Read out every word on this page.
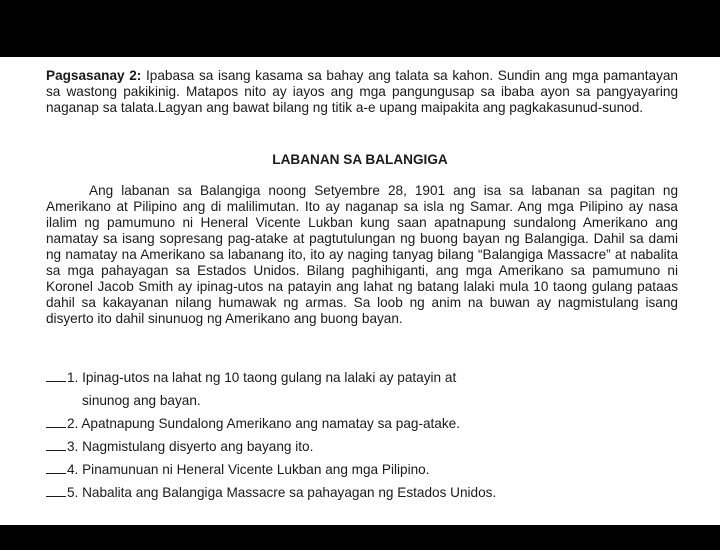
Pagsasanay 2: Ipabasa sa isang kasama sa bahay ang talata sa kahon. Sundin ang mga pamantayan sa wastong pakikinig. Matapos nito ay iayos ang mga pangungusap sa ibaba ayon sa pangyayaring naganap sa talata.Lagyan ang bawat bilang ng titik a-e upang maipakita ang pagkakasunud-sunod.
LABANAN SA BALANGIGA
Ang labanan sa Balangiga noong Setyembre 28, 1901 ang isa sa labanan sa pagitan ng Amerikano at Pilipino ang di malilimutan. Ito ay naganap sa isla ng Samar. Ang mga Pilipino ay nasa ilalim ng pamumuno ni Heneral Vicente Lukban kung saan apatnapung sundalong Amerikano ang namatay sa isang sopresang pag-atake at pagtutulungan ng buong bayan ng Balangiga. Dahil sa dami ng namatay na Amerikano sa labanang ito, ito ay naging tanyag bilang “Balangiga Massacre” at nabalita sa mga pahayagan sa Estados Unidos. Bilang paghihiganti, ang mga Amerikano sa pamumuno ni Koronel Jacob Smith ay ipinag-utos na patayin ang lahat ng batang lalaki mula 10 taong gulang pataas dahil sa kakayanan nilang humawak ng armas. Sa loob ng anim na buwan ay nagmistulang isang disyerto ito dahil sinunuog ng Amerikano ang buong bayan.
1. Ipinag-utos na lahat ng 10 taong gulang na lalaki ay patayin at
sinunog ang bayan.
2. Apatnapung Sundalong Amerikano ang namatay sa pag-atake.
3. Nagmistulang disyerto ang bayang ito.
4. Pinamunuan ni Heneral Vicente Lukban ang mga Pilipino.
5. Nabalita ang Balangiga Massacre sa pahayagan ng Estados Unidos.
